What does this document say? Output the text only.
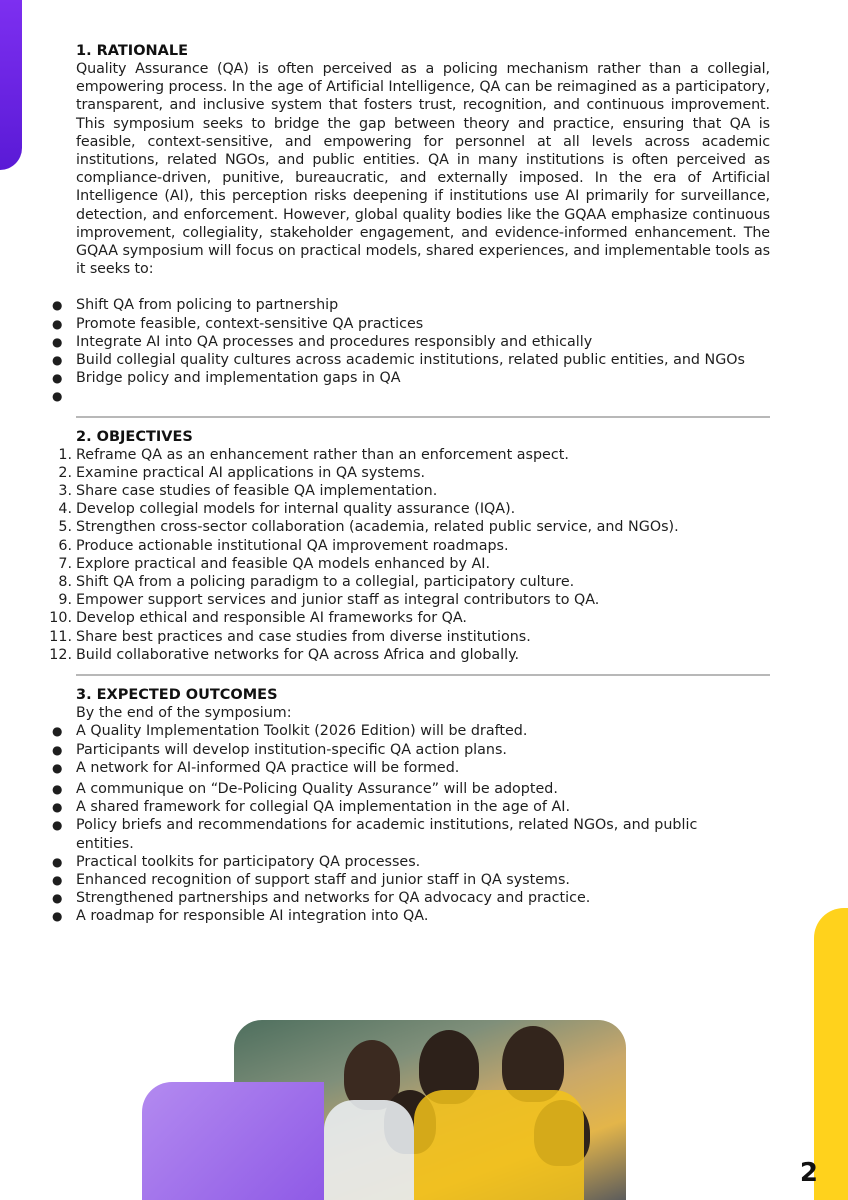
1. RATIONALE

Quality Assurance (QA) is often perceived as a policing mechanism rather than a collegial, empowering process. In the age of Artificial Intelligence, QA can be reimagined as a participatory, transparent, and inclusive system that fosters trust, recognition, and continuous improvement. This symposium seeks to bridge the gap between theory and practice, ensuring that QA is feasible, context-sensitive, and empowering for personnel at all levels across academic institutions, related NGOs, and public entities. QA in many institutions is often perceived as compliance-driven, punitive, bureaucratic, and externally imposed. In the era of Artificial Intelligence (AI), this perception risks deepening if institutions use AI primarily for surveillance, detection, and enforcement. However, global quality bodies like the GQAA emphasize continuous improvement, collegiality, stakeholder engagement, and evidence-informed enhancement. The GQAA symposium will focus on practical models, shared experiences, and implementable tools as it seeks to:

● Shift QA from policing to partnership
● Promote feasible, context-sensitive QA practices
● Integrate AI into QA processes and procedures responsibly and ethically
● Build collegial quality cultures across academic institutions, related public entities, and NGOs
● Bridge policy and implementation gaps in QA
●

2. OBJECTIVES
1. Reframe QA as an enhancement rather than an enforcement aspect.
2. Examine practical AI applications in QA systems.
3. Share case studies of feasible QA implementation.
4. Develop collegial models for internal quality assurance (IQA).
5. Strengthen cross-sector collaboration (academia, related public service, and NGOs).
6. Produce actionable institutional QA improvement roadmaps.
7. Explore practical and feasible QA models enhanced by AI.
8. Shift QA from a policing paradigm to a collegial, participatory culture.
9. Empower support services and junior staff as integral contributors to QA.
10. Develop ethical and responsible AI frameworks for QA.
11. Share best practices and case studies from diverse institutions.
12. Build collaborative networks for QA across Africa and globally.
3. EXPECTED OUTCOMES

By the end of the symposium:

● A Quality Implementation Toolkit (2026 Edition) will be drafted.
● Participants will develop institution-specific QA action plans.
● A network for AI-informed QA practice will be formed.
● A communique on “De-Policing Quality Assurance” will be adopted.
● A shared framework for collegial QA implementation in the age of AI.
● Policy briefs and recommendations for academic institutions, related NGOs, and public entities.
● Practical toolkits for participatory QA processes.
● Enhanced recognition of support staff and junior staff in QA systems.
● Strengthened partnerships and networks for QA advocacy and practice.
● A roadmap for responsible AI integration into QA.
2
